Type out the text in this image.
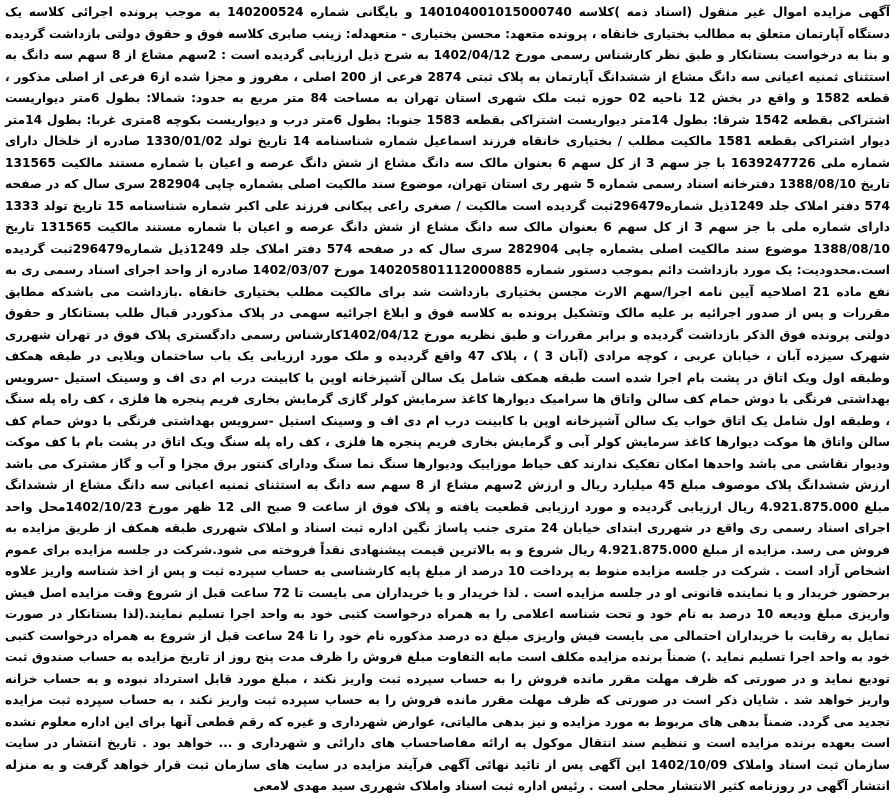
آگهی مزایده اموال غیر منقول (اسناد ذمه )کلاسه 140104001015000740 و بایگانی شماره 140200524 به موجب پرونده اجرائی کلاسه یک دستگاه آپارتمان متعلق به مطالب بختیاری خانقاه ، پرونده متعهد: محسن بختیاری - متعهدله: زینب صابری کلاسه فوق و حقوق دولتی بازداشت گردیده و بنا به درخواست بستانکار و طبق نظر کارشناس رسمی مورخ 1402/04/12 به شرح ذیل ارزیابی گردیده است : 2سهم مشاع از 8 سهم سه دانگ به استثنای ثمنیه اعیانی سه دانگ مشاع از ششدانگ آپارتمان به پلاک ثبتی 2874 فرعی از 200 اصلی ، مفروز و مجزا شده از6 فرعی از اصلی مذکور ، قطعه 1582 و واقع در بخش 12 ناحیه 02 حوزه ثبت ملک شهری استان تهران به مساحت 84 متر مربع به حدود: شمالا: بطول 6متر دیواریست اشتراکی بقطعه 1542 شرقا: بطول 14متر دیواریست اشتراکی بقطعه 1583 جنوبا: بطول 6متر درب و دیواریست بکوچه 8متری غربا: بطول 14متر دیوار اشتراکی بقطعه 1581 مالکیت مطلب / بختیاری خانقاه فرزند اسماعیل شماره شناسنامه 14 تاریخ تولد 1330/01/02 صادره از خلخال دارای شماره ملی 1639247726 با جز سهم 3 از کل سهم 6 بعنوان مالک سه دانگ مشاع از شش دانگ عرصه و اعیان با شماره مستند مالکیت 131565 تاریخ 1388/08/10 دفترخانه اسناد رسمی شماره 5 شهر ری استان تهران، موضوع سند مالکیت اصلی بشماره چاپی 282904 سری سال که در صفحه 574 دفتر املاک جلد 1249ذیل شماره296479ثبت گردیده است مالکیت / صغری راعی پیکانی فرزند علی اکبر شماره شناسنامه 15 تاریخ تولد 1333 دارای شماره ملی با جز سهم 3 از کل سهم 6 بعنوان مالک سه دانگ مشاع از شش دانگ عرصه و اعیان با شماره مستند مالکیت 131565 تاریخ 1388/08/10 موضوع سند مالکیت اصلی بشماره چاپی 282904 سری سال که در صفحه 574 دفتر املاک جلد 1249ذیل شماره296479ثبت گردیده است.محدودیت: یک مورد بازداشت دائم بموجب دستور شماره 140205801112000885 مورخ 1402/03/07 صادره از واحد اجرای اسناد رسمی ری به نفع ماده 21 اصلاحیه آیین نامه اجرا/سهم الارث مجسن بختیاری بازداشت شد برای مالکیت مطلب بختیاری خانقاه .بازداشت می باشدکه مطابق مقررات و پس از صدور اجرائیه بر علیه مالک وتشکیل پرونده به کلاسه فوق و ابلاغ اجرائیه سهمی در پلاک مذکوردر قبال طلب بستانکار و حقوق دولتی پرونده فوق الذکر بازداشت گردیده و برابر مقررات و طبق نظریه مورخ 1402/04/12کارشناس رسمی دادگستری پلاک فوق در تهران شهرری شهرک سیزده آبان ، خیابان عربی ، کوچه مرادی (آبان 3 ) ، پلاک 47 واقع گردیده و ملک مورد ارزیابی یک باب ساختمان ویلایی در طبقه همکف وطبقه اول ویک اتاق در پشت بام اجرا شده است طبقه همکف شامل یک سالن آشپزخانه اوپن با کابینت درب ام دی اف و وسینک استیل -سرویس بهداشتی فرنگی با دوش حمام کف سالن واتاق ها سرامیک دیوارها کاغذ سرمایش کولر گازی گرمایش بخاری فریم پنجره ها فلزی ، کف راه پله سنگ ، وطبقه اول شامل یک اتاق خواب یک سالن آشپزخانه اوپن با کابینت درب ام دی اف و وسینک استیل -سرویس بهداشتی فرنگی با دوش حمام کف سالن واتاق ها موکت دیوارها کاغذ سرمایش کولر آبی و گرمایش بخاری فریم پنجره ها فلزی ، کف راه پله سنگ ویک اتاق در پشت بام با کف موکت ودیوار نقاشی می باشد واحدها امکان تفکیک ندارند کف حیاط موزاییک ودیوارها سنگ نما سنگ ودارای کنتور برق مجزا و آب و گاز مشترک می باشد ارزش ششدانگ پلاک موصوف مبلغ 45 میلیارد ریال و ارزش 2سهم مشاع از 8 سهم سه دانگ به استثنای ثمنیه اعیانی سه دانگ مشاع از ششدانگ مبلغ 4.921.875.000 ریال ارزیابی گردیده و مورد ارزیابی قطعیت یافته و پلاک فوق از ساعت 9 صبح الی 12 ظهر مورخ 1402/10/23محل واحد اجرای اسناد رسمی ری واقع در شهرری ابتدای خیابان 24 متری جنب پاساژ نگین اداره ثبت اسناد و املاک شهرری طبقه همکف از طریق مزایده به فروش می رسد. مزایده از مبلغ 4.921.875.000 ریال شروع و به بالاترین قیمت پیشنهادی نقداً فروخته می شود.شرکت در جلسه مزایده برای عموم اشخاص آزاد است . شرکت در جلسه مزایده منوط به پرداخت 10 درصد از مبلغ پایه کارشناسی به حساب سپرده ثبت و پس از اخذ شناسه واریز علاوه برحضور خریدار و یا نماینده قانونی او در جلسه مزایده است . لذا خریدار و یا خریداران می بایست تا 72 ساعت قبل از شروع وقت مزایده اصل فیش واریزی مبلغ ودیعه 10 درصد به نام خود و تحت شناسه اعلامی را به همراه درخواست کتبی خود به واحد اجرا تسلیم نمایند.(لذا بستانکار در صورت تمایل به رقابت با خریداران احتمالی می بایست فیش واریزی مبلغ ده درصد مذکوره نام خود را تا 24 ساعت قبل از شروع به همراه درخواست کتبی خود به واحد اجرا تسلیم نماید .) ضمناً برنده مزایده مکلف است مابه التفاوت مبلغ فروش را ظرف مدت پنج روز از تاریخ مزایده به حساب صندوق ثبت تودیع نماید و در صورتی که ظرف مهلت مقرر مانده فروش را به حساب سپرده ثبت واریز نکند ، مبلغ مورد قابل استرداد نبوده و به حساب خزانه واریز خواهد شد . شایان ذکر است در صورتی که ظرف مهلت مقرر مانده فروش را به حساب سپرده ثبت واریز نکند ، به حساب سپرده ثبت مزایده تجدید می گردد. ضمناً بدهی های مربوط به مورد مزایده و نیز بدهی مالیاتی، عوارض شهرداری و غیره که رقم قطعی آنها برای این اداره معلوم نشده است بعهده برنده مزایده است و تنظیم سند انتقال موکول به ارائه مفاصاحساب های دارائی و شهرداری و ... خواهد بود . تاریخ انتشار در سایت سازمان ثبت اسناد واملاک 1402/10/09 این آگهی پس از تائید نهائی آگهی فرآیند مزایده در سایت های سازمان ثبت قرار خواهد گرفت و به منزله انتشار آگهی در روزنامه کثیر الانتشار محلی است . رئیس اداره ثبت اسناد واملاک شهرری سید مهدی لامعی
